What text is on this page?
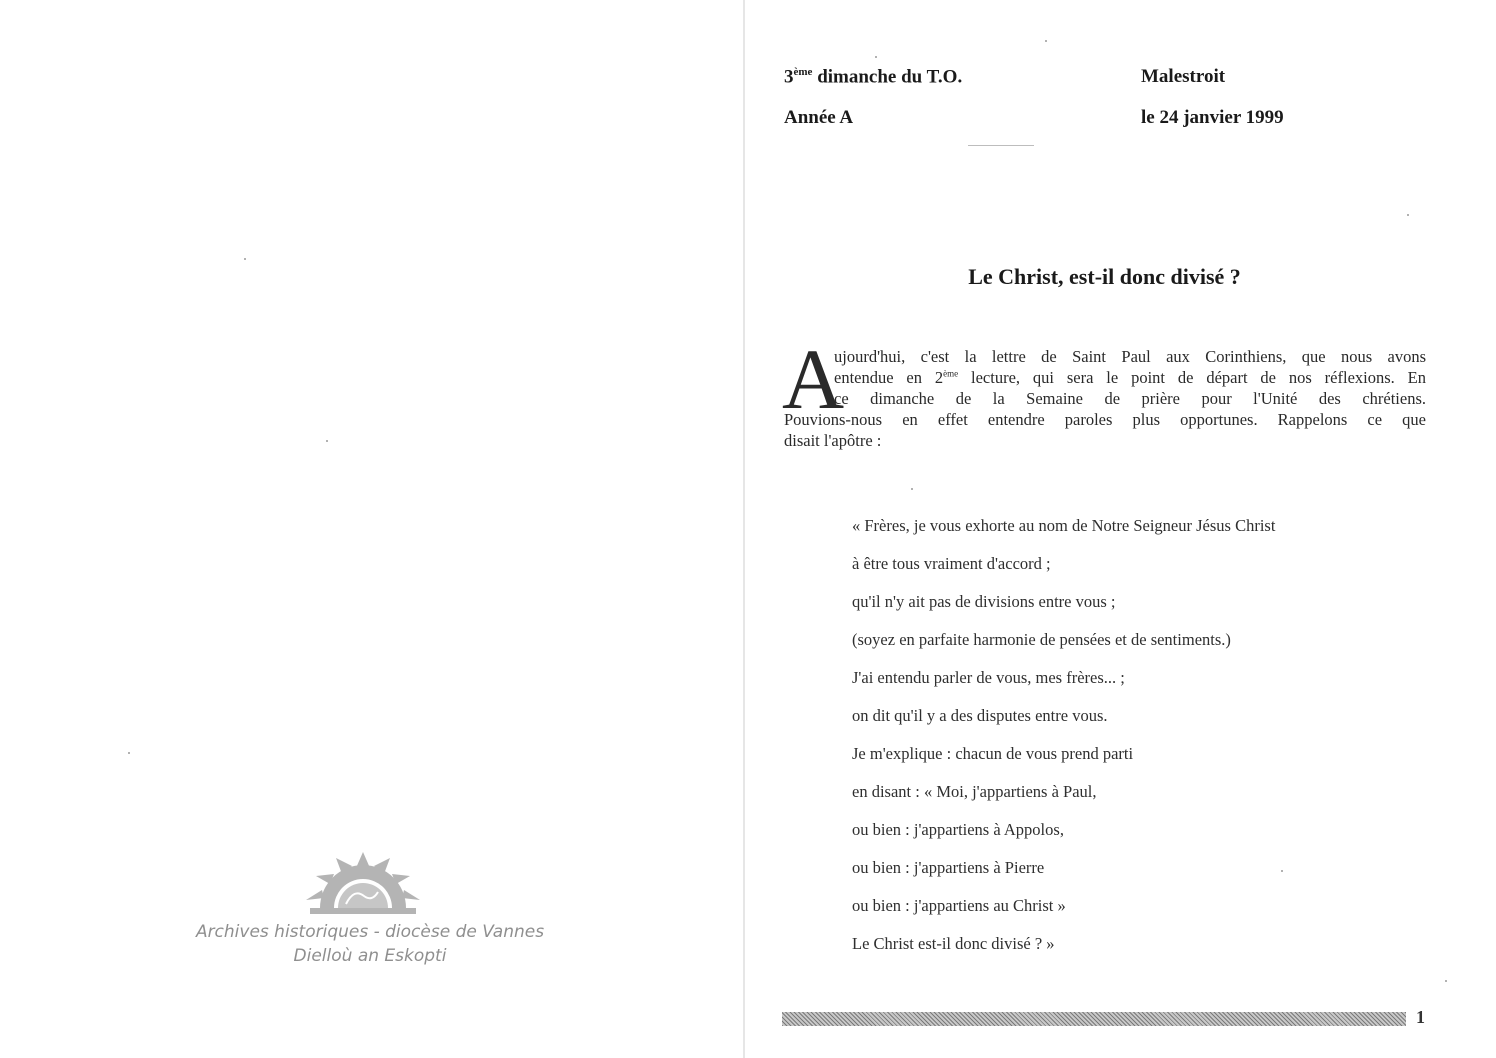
Archives historiques - diocèse de Vannes
Dielloù an Eskopti
3ème dimanche du T.O.
Année A
Malestroit
le 24 janvier 1999
Le Christ, est-il donc divisé ?
A
ujourd'hui, c'est la lettre de Saint Paul aux Corinthiens, que nous avons
entendue en 2ème lecture, qui sera le point de départ de nos réflexions. En
ce dimanche de la Semaine de prière pour l'Unité des chrétiens.
Pouvions-nous en effet entendre paroles plus opportunes. Rappelons ce que
disait l'apôtre :
« Frères, je vous exhorte au nom de Notre Seigneur Jésus Christ
à être tous vraiment d'accord ;
qu'il n'y ait pas de divisions entre vous ;
(soyez en parfaite harmonie de pensées et de sentiments.)
J'ai entendu parler de vous, mes frères... ;
on dit qu'il y a des disputes entre vous.
Je m'explique : chacun de vous prend parti
en disant : « Moi, j'appartiens à Paul,
ou bien : j'appartiens à Appolos,
ou bien : j'appartiens à Pierre
ou bien : j'appartiens au Christ »
Le Christ est-il donc divisé ? »
1
